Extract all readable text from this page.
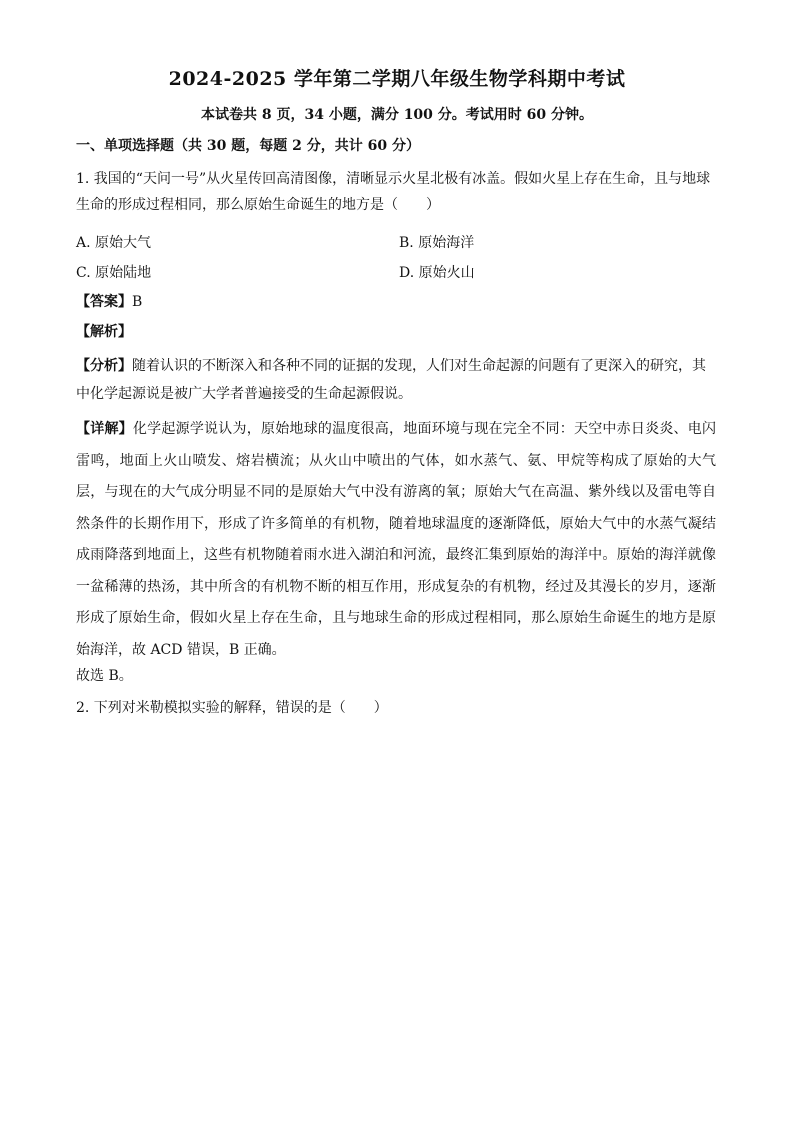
2024-2025 学年第二学期八年级生物学科期中考试
本试卷共 8 页，34 小题，满分 100 分。考试用时 60 分钟。
一、单项选择题（共 30 题，每题 2 分，共计 60 分）
1. 我国的“天问一号”从火星传回高清图像，清晰显示火星北极有冰盖。假如火星上存在生命，且与地球生命的形成过程相同，那么原始生命诞生的地方是（　　）
A. 原始大气	B. 原始海洋
C. 原始陆地	D. 原始火山
【答案】B
【解析】
【分析】随着认识的不断深入和各种不同的证据的发现，人们对生命起源的问题有了更深入的研究，其中化学起源说是被广大学者普遍接受的生命起源假说。
【详解】化学起源学说认为，原始地球的温度很高，地面环境与现在完全不同：天空中赤日炎炎、电闪雷鸣，地面上火山喷发、熔岩横流；从火山中喷出的气体，如水蒸气、氨、甲烷等构成了原始的大气层，与现在的大气成分明显不同的是原始大气中没有游离的氧；原始大气在高温、紫外线以及雷电等自然条件的长期作用下，形成了许多简单的有机物，随着地球温度的逐渐降低，原始大气中的水蒸气凝结成雨降落到地面上，这些有机物随着雨水进入湖泊和河流，最终汇集到原始的海洋中。原始的海洋就像一盆稀薄的热汤，其中所含的有机物不断的相互作用，形成复杂的有机物，经过及其漫长的岁月，逐渐形成了原始生命，假如火星上存在生命，且与地球生命的形成过程相同，那么原始生命诞生的地方是原始海洋，故 ACD 错误，B 正确。
故选 B。
2. 下列对米勒模拟实验的解释，错误的是（　　）
